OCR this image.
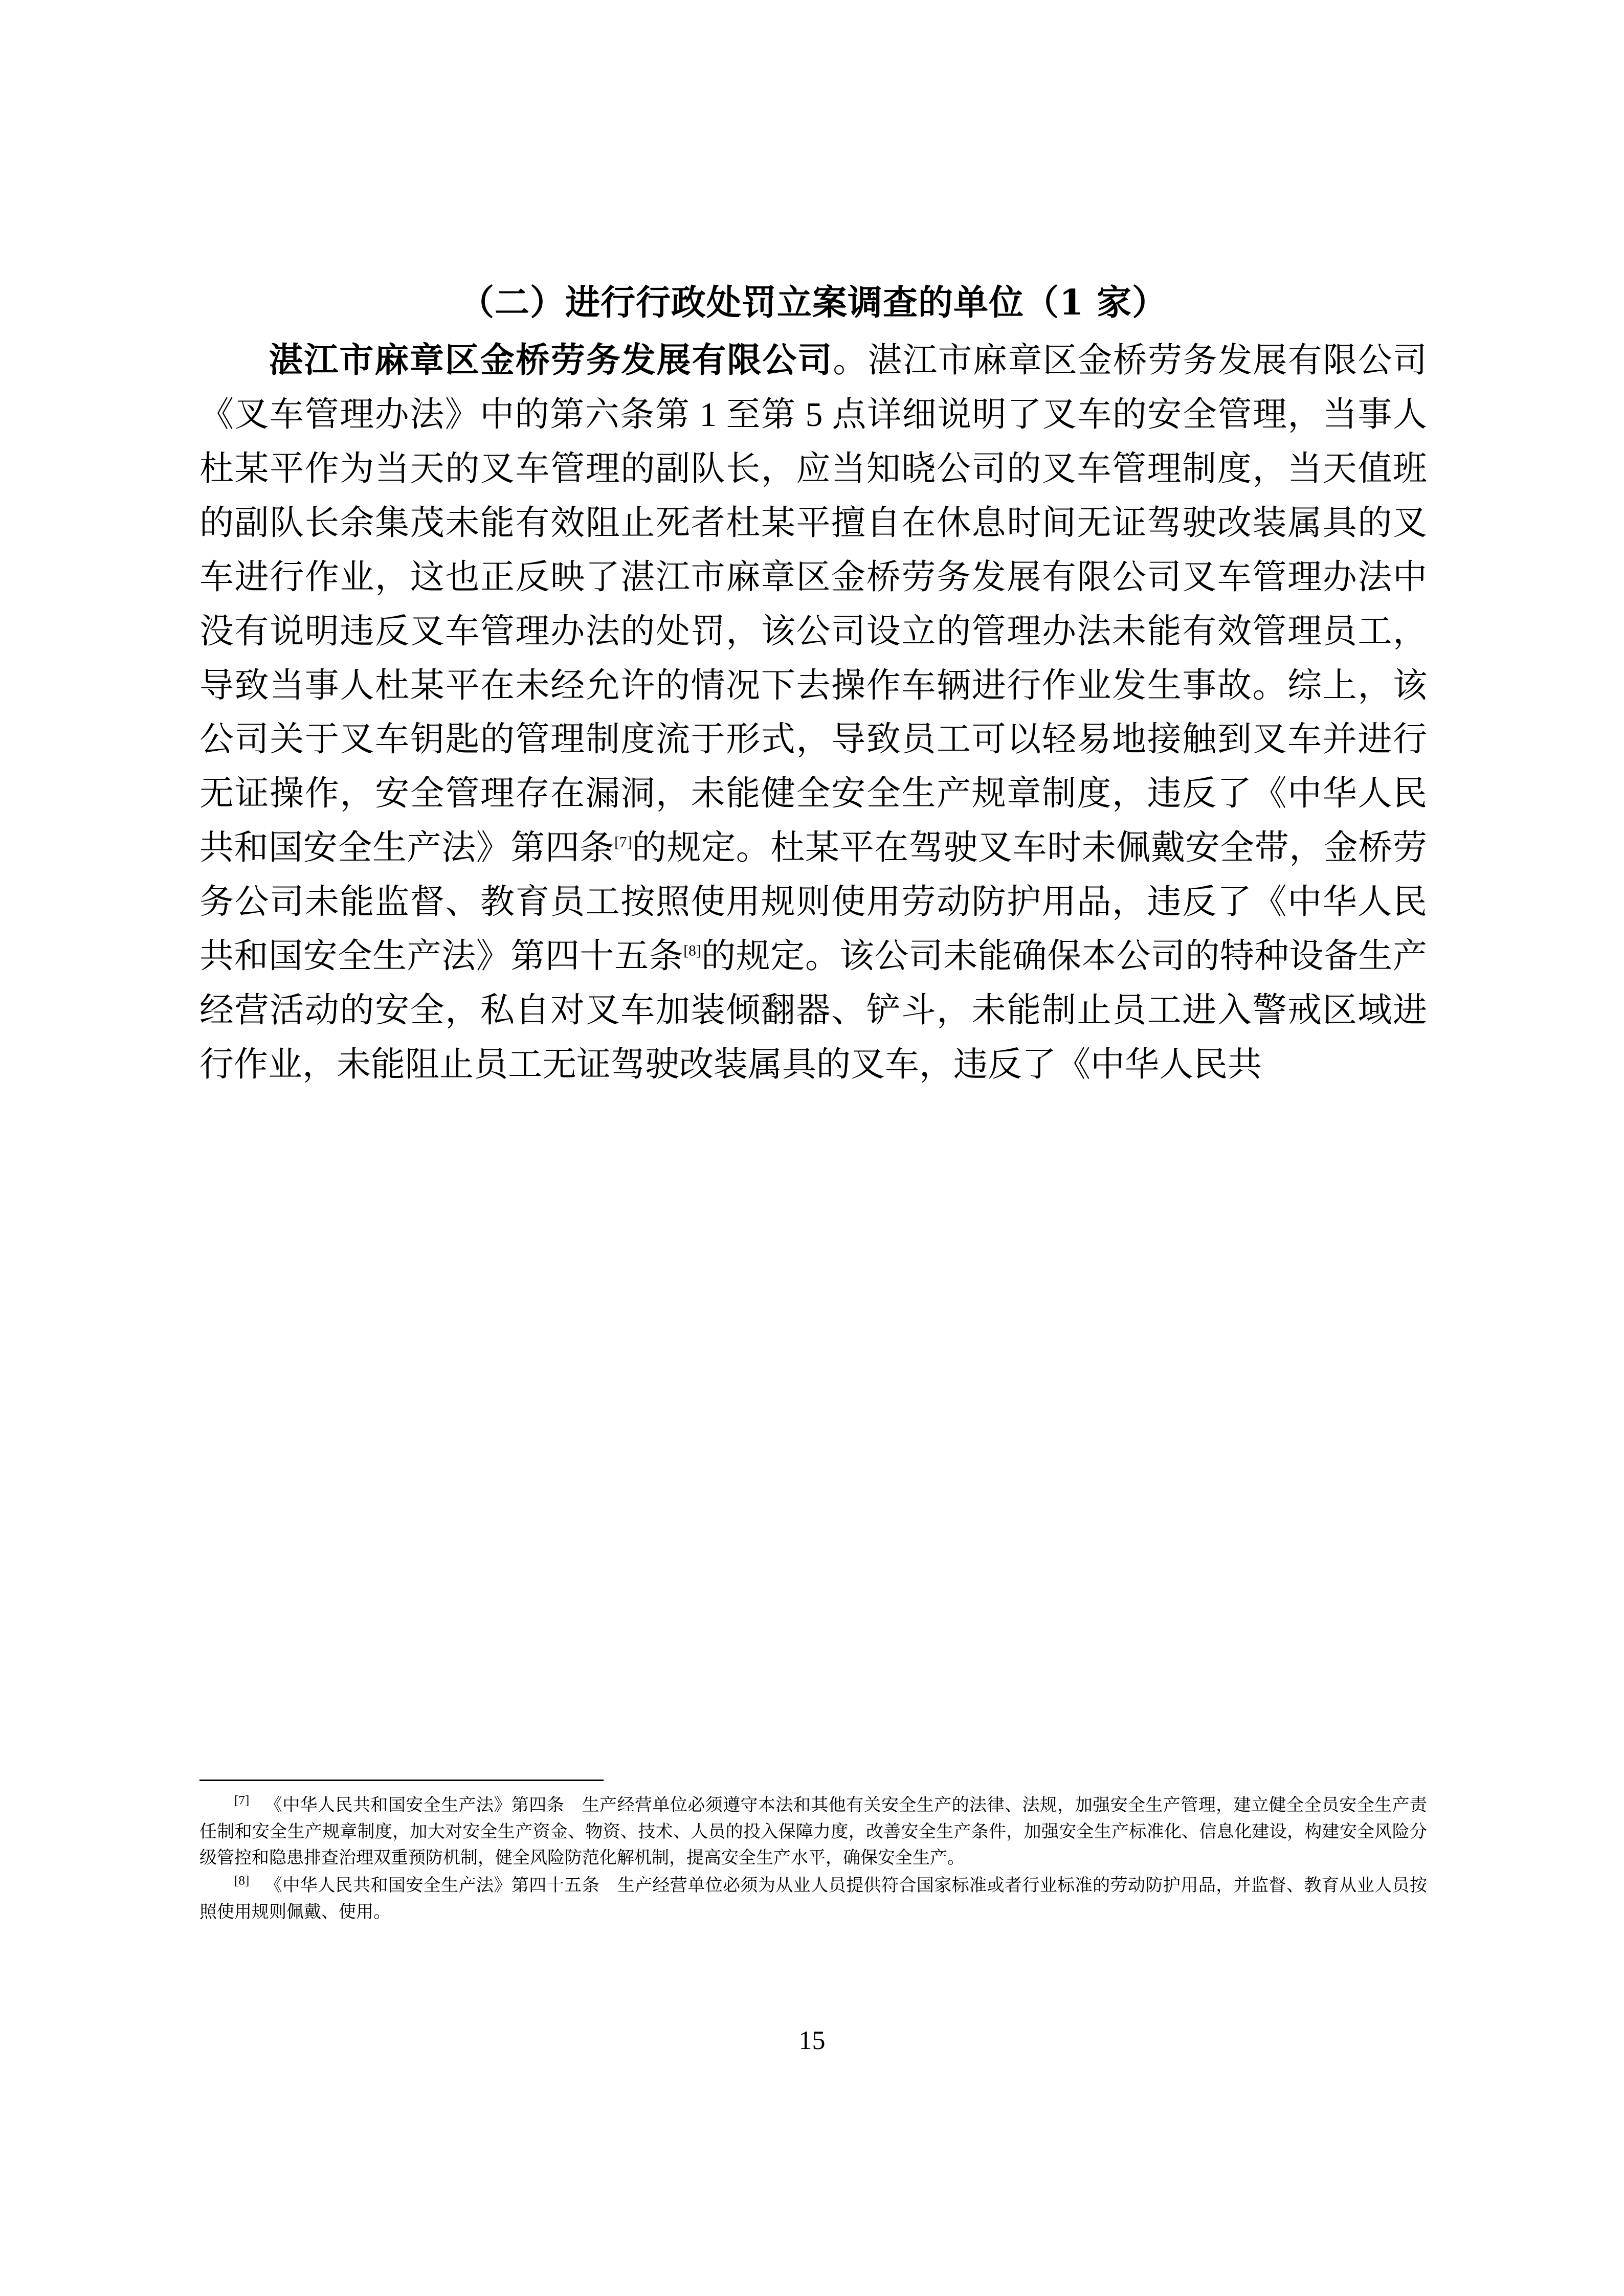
（二）进行行政处罚立案调查的单位（1 家）

湛江市麻章区金桥劳务发展有限公司。湛江市麻章区金桥劳务发展有限公司《叉车管理办法》中的第六条第 1 至第 5 点详细说明了叉车的安全管理，当事人杜某平作为当天的叉车管理的副队长，应当知晓公司的叉车管理制度，当天值班的副队长余集茂未能有效阻止死者杜某平擅自在休息时间无证驾驶改装属具的叉车进行作业，这也正反映了湛江市麻章区金桥劳务发展有限公司叉车管理办法中没有说明违反叉车管理办法的处罚，该公司设立的管理办法未能有效管理员工，导致当事人杜某平在未经允许的情况下去操作车辆进行作业发生事故。综上，该公司关于叉车钥匙的管理制度流于形式，导致员工可以轻易地接触到叉车并进行无证操作，安全管理存在漏洞，未能健全安全生产规章制度，违反了《中华人民共和国安全生产法》第四条[7]的规定。杜某平在驾驶叉车时未佩戴安全带，金桥劳务公司未能监督、教育员工按照使用规则使用劳动防护用品，违反了《中华人民共和国安全生产法》第四十五条[8]的规定。该公司未能确保本公司的特种设备生产经营活动的安全，私自对叉车加装倾翻器、铲斗，未能制止员工进入警戒区域进行作业，未能阻止员工无证驾驶改装属具的叉车，违反了《中华人民共

[7] 《中华人民共和国安全生产法》第四条　生产经营单位必须遵守本法和其他有关安全生产的法律、法规，加强安全生产管理，建立健全全员安全生产责任制和安全生产规章制度，加大对安全生产资金、物资、技术、人员的投入保障力度，改善安全生产条件，加强安全生产标准化、信息化建设，构建安全风险分级管控和隐患排查治理双重预防机制，健全风险防范化解机制，提高安全生产水平，确保安全生产。

[8] 《中华人民共和国安全生产法》第四十五条　生产经营单位必须为从业人员提供符合国家标准或者行业标准的劳动防护用品，并监督、教育从业人员按照使用规则佩戴、使用。

15
